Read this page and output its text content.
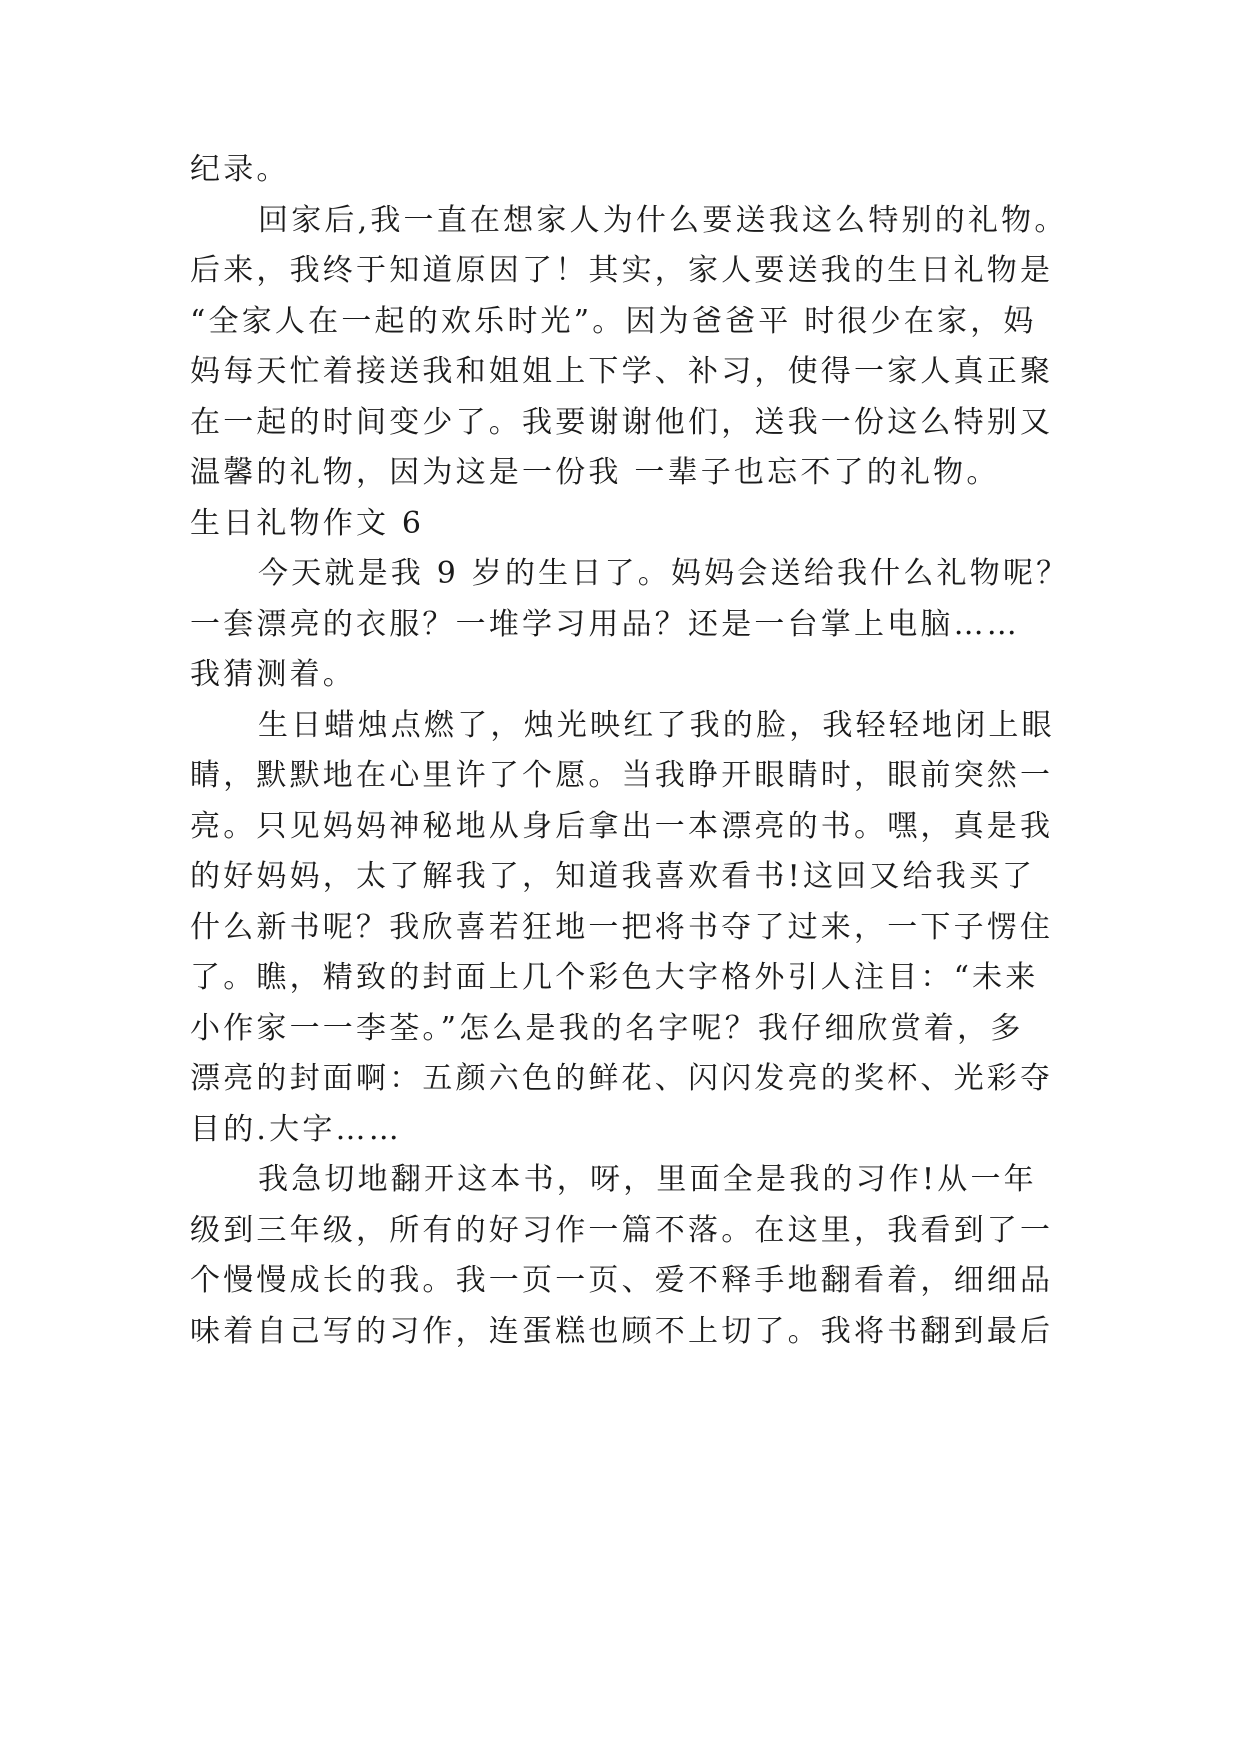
纪录。
回家后,我一直在想家人为什么要送我这么特别的礼物。
后来，我终于知道原因了！其实，家人要送我的生日礼物是
“全家人在一起的欢乐时光”。因为爸爸平 时很少在家，妈
妈每天忙着接送我和姐姐上下学、补习，使得一家人真正聚
在一起的时间变少了。我要谢谢他们，送我一份这么特别又
温馨的礼物，因为这是一份我 一辈子也忘不了的礼物。
生日礼物作文 6
今天就是我 9 岁的生日了。妈妈会送给我什么礼物呢？
一套漂亮的衣服？一堆学习用品？还是一台掌上电脑……
我猜测着。
生日蜡烛点燃了，烛光映红了我的脸，我轻轻地闭上眼
睛，默默地在心里许了个愿。当我睁开眼睛时，眼前突然一
亮。只见妈妈神秘地从身后拿出一本漂亮的书。嘿，真是我
的好妈妈，太了解我了，知道我喜欢看书!这回又给我买了
什么新书呢？我欣喜若狂地一把将书夺了过来，一下子愣住
了。瞧，精致的封面上几个彩色大字格外引人注目：“未来
小作家一一李荃。”怎么是我的名字呢？我仔细欣赏着，多
漂亮的封面啊：五颜六色的鲜花、闪闪发亮的奖杯、光彩夺
目的.大字……
我急切地翻开这本书，呀，里面全是我的习作!从一年
级到三年级，所有的好习作一篇不落。在这里，我看到了一
个慢慢成长的我。我一页一页、爱不释手地翻看着，细细品
味着自己写的习作，连蛋糕也顾不上切了。我将书翻到最后
